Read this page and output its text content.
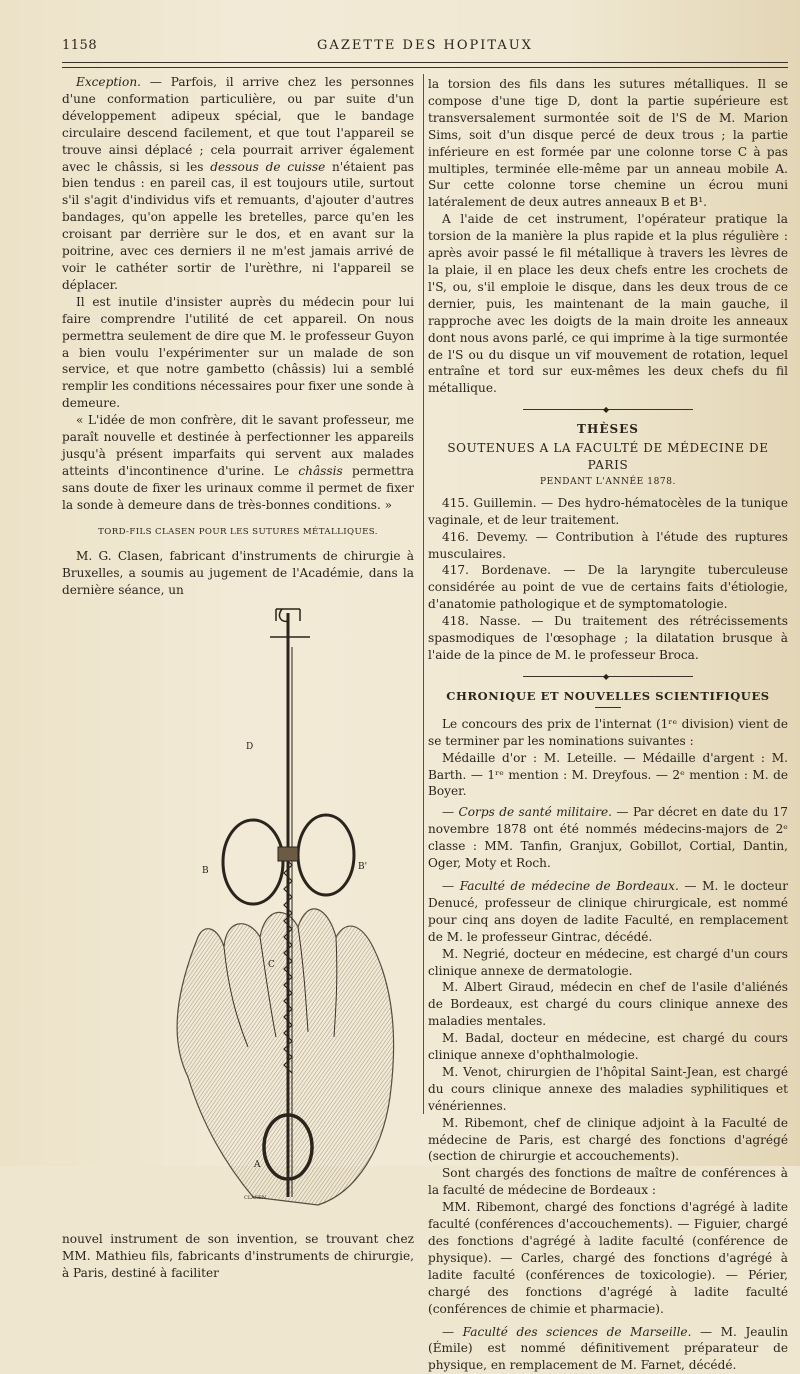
1158	GAZETTE DES HOPITAUX

Exception. — Parfois, il arrive chez les personnes d'une conformation particulière, ou par suite d'un développement adipeux spécial, que le bandage circulaire descend facilement, et que tout l'appareil se trouve ainsi déplacé ; cela pourrait arriver également avec le châssis, si les dessous de cuisse n'étaient pas bien tendus : en pareil cas, il est toujours utile, surtout s'il s'agit d'individus vifs et remuants, d'ajouter d'autres bandages, qu'on appelle les bretelles, parce qu'en les croisant par derrière sur le dos, et en avant sur la poitrine, avec ces derniers il ne m'est jamais arrivé de voir le cathéter sortir de l'urèthre, ni l'appareil se déplacer.

Il est inutile d'insister auprès du médecin pour lui faire comprendre l'utilité de cet appareil. On nous permettra seulement de dire que M. le professeur Guyon a bien voulu l'expérimenter sur un malade de son service, et que notre gambetto (châssis) lui a semblé remplir les conditions nécessaires pour fixer une sonde à demeure.

« L'idée de mon confrère, dit le savant professeur, me paraît nouvelle et destinée à perfectionner les appareils jusqu'à présent imparfaits qui servent aux malades atteints d'incontinence d'urine. Le châssis permettra sans doute de fixer les urinaux comme il permet de fixer la sonde à demeure dans de très-bonnes conditions. »

TORD-FILS CLASEN POUR LES SUTURES MÉTALLIQUES.

M. G. Clasen, fabricant d'instruments de chirurgie à Bruxelles, a soumis au jugement de l'Académie, dans la dernière séance, un

D
B	B'
C
A
CLASEN

nouvel instrument de son invention, se trouvant chez MM. Mathieu fils, fabricants d'instruments de chirurgie, à Paris, destiné à faciliter

la torsion des fils dans les sutures métalliques. Il se compose d'une tige D, dont la partie supérieure est transversalement surmontée soit de l'S de M. Marion Sims, soit d'un disque percé de deux trous ; la partie inférieure en est formée par une colonne torse C à pas multiples, terminée elle-même par un anneau mobile A. Sur cette colonne torse chemine un écrou muni latéralement de deux autres anneaux B et B¹.

A l'aide de cet instrument, l'opérateur pratique la torsion de la manière la plus rapide et la plus régulière : après avoir passé le fil métallique à travers les lèvres de la plaie, il en place les deux chefs entre les crochets de l'S, ou, s'il emploie le disque, dans les deux trous de ce dernier, puis, les maintenant de la main gauche, il rapproche avec les doigts de la main droite les anneaux dont nous avons parlé, ce qui imprime à la tige surmontée de l'S ou du disque un vif mouvement de rotation, lequel entraîne et tord sur eux-mêmes les deux chefs du fil métallique.

◆
THÈSES
SOUTENUES A LA FACULTÉ DE MÉDECINE DE PARIS
PENDANT L'ANNÉE 1878.

415. Guillemin. — Des hydro-hématocèles de la tunique vaginale, et de leur traitement.

416. Devemy. — Contribution à l'étude des ruptures musculaires.

417. Bordenave. — De la laryngite tuberculeuse considérée au point de vue de certains faits d'étiologie, d'anatomie pathologique et de symptomatologie.

418. Nasse. — Du traitement des rétrécissements spasmodiques de l'œsophage ; la dilatation brusque à l'aide de la pince de M. le professeur Broca.

◆
CHRONIQUE ET NOUVELLES SCIENTIFIQUES

Le concours des prix de l'internat (1ʳᵉ division) vient de se terminer par les nominations suivantes :

Médaille d'or : M. Leteille. — Médaille d'argent : M. Barth. — 1ʳᵉ mention : M. Dreyfous. — 2ᵉ mention : M. de Boyer.

— Corps de santé militaire. — Par décret en date du 17 novembre 1878 ont été nommés médecins-majors de 2ᵉ classe : MM. Tanfin, Granjux, Gobillot, Cortial, Dantin, Oger, Moty et Roch.

— Faculté de médecine de Bordeaux. — M. le docteur Denucé, professeur de clinique chirurgicale, est nommé pour cinq ans doyen de ladite Faculté, en remplacement de M. le professeur Gintrac, décédé.

M. Negrié, docteur en médecine, est chargé d'un cours clinique annexe de dermatologie.

M. Albert Giraud, médecin en chef de l'asile d'aliénés de Bordeaux, est chargé du cours clinique annexe des maladies mentales.

M. Badal, docteur en médecine, est chargé du cours clinique annexe d'ophthalmologie.

M. Venot, chirurgien de l'hôpital Saint-Jean, est chargé du cours clinique annexe des maladies syphilitiques et vénériennes.

M. Ribemont, chef de clinique adjoint à la Faculté de médecine de Paris, est chargé des fonctions d'agrégé (section de chirurgie et accouchements).

Sont chargés des fonctions de maître de conférences à la faculté de médecine de Bordeaux :

MM. Ribemont, chargé des fonctions d'agrégé à ladite faculté (conférences d'accouchements). — Figuier, chargé des fonctions d'agrégé à ladite faculté (conférence de physique). — Carles, chargé des fonctions d'agrégé à ladite faculté (conférences de toxicologie). — Périer, chargé des fonctions d'agrégé à ladite faculté (conférences de chimie et pharmacie).

— Faculté des sciences de Marseille. — M. Jeaulin (Émile) est nommé définitivement préparateur de physique, en remplacement de M. Farnet, décédé.
